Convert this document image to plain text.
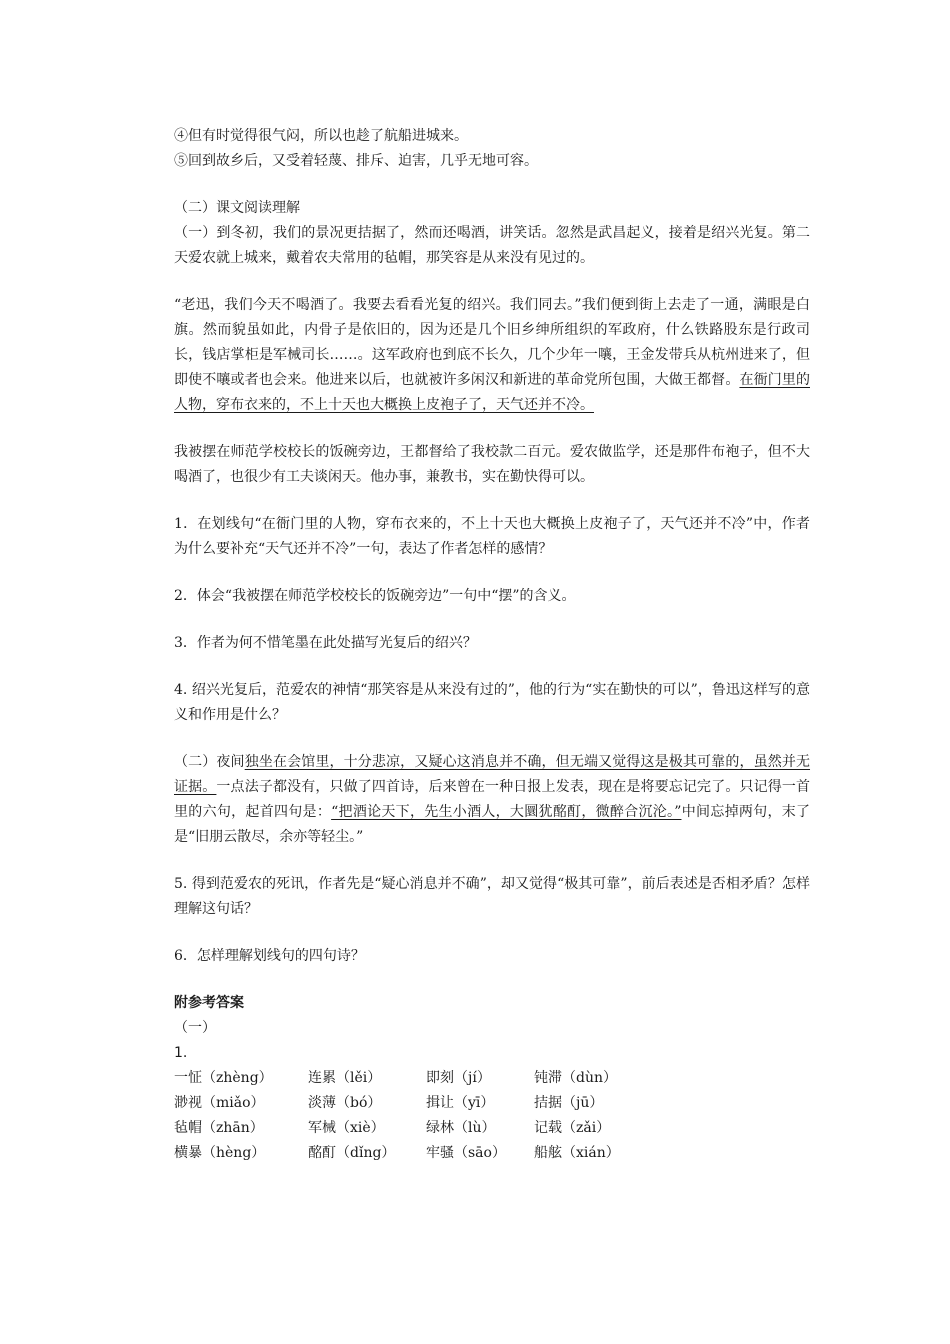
④但有时觉得很气闷，所以也趁了航船进城来。

⑤回到故乡后，又受着轻蔑、排斥、迫害，几乎无地可容。

（二）课文阅读理解

（一）到冬初，我们的景况更拮据了，然而还喝酒，讲笑话。忽然是武昌起义，接着是绍兴光复。第二天爱农就上城来，戴着农夫常用的毡帽，那笑容是从来没有见过的。

“老迅，我们今天不喝酒了。我要去看看光复的绍兴。我们同去。”我们便到街上去走了一通，满眼是白旗。然而貌虽如此，内骨子是依旧的，因为还是几个旧乡绅所组织的军政府，什么铁路股东是行政司长，钱店掌柜是军械司长……。这军政府也到底不长久，几个少年一嚷，王金发带兵从杭州进来了，但即使不嚷或者也会来。他进来以后，也就被许多闲汉和新进的革命党所包围，大做王都督。在衙门里的人物，穿布衣来的，不上十天也大概换上皮袍子了，天气还并不冷。

我被摆在师范学校校长的饭碗旁边，王都督给了我校款二百元。爱农做监学，还是那件布袍子，但不大喝酒了，也很少有工夫谈闲天。他办事，兼教书，实在勤快得可以。

1．在划线句“在衙门里的人物，穿布衣来的，不上十天也大概换上皮袍子了，天气还并不冷”中，作者为什么要补充“天气还并不冷”一句，表达了作者怎样的感情？

2．体会“我被摆在师范学校校长的饭碗旁边”一句中“摆”的含义。

3．作者为何不惜笔墨在此处描写光复后的绍兴？

4. 绍兴光复后，范爱农的神情“那笑容是从来没有过的”，他的行为“实在勤快的可以”，鲁迅这样写的意义和作用是什么？

（二）夜间独坐在会馆里，十分悲凉，又疑心这消息并不确，但无端又觉得这是极其可靠的，虽然并无证据。一点法子都没有，只做了四首诗，后来曾在一种日报上发表，现在是将要忘记完了。只记得一首里的六句，起首四句是：“把酒论天下，先生小酒人，大圜犹酩酊，微醉合沉沦。”中间忘掉两句，末了是“旧朋云散尽，余亦等轻尘。”

5. 得到范爱农的死讯，作者先是“疑心消息并不确”，却又觉得“极其可靠”，前后表述是否相矛盾？怎样理解这句话？

6．怎样理解划线句的四句诗？

附参考答案

（一）

1.

一怔（zhèng）	连累（lěi）	即刻（jí）	钝滞（dùn）
渺视（miǎo）	淡薄（bó）	揖让（yī）	拮据（jū）
毡帽（zhān）	军械（xiè）	绿林（lù）	记载（zǎi）
横暴（hèng）	酩酊（dǐng）	牢骚（sāo）	船舷（xián）
